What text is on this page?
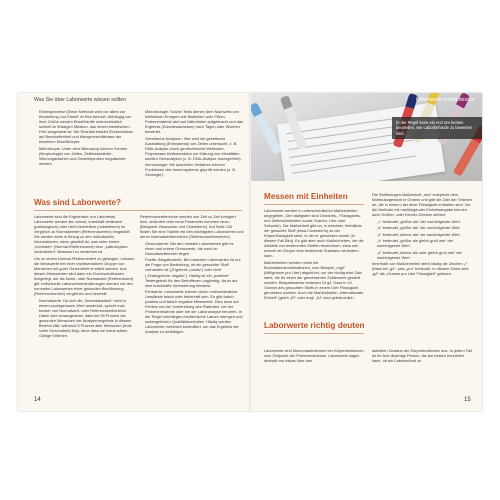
Was Sie über Laborwerte wissen sollten
In der Regel kann ein Arzt am besten beurteilen, wie Laborbefunde zu bewerten sind.
Laborwerte richtig deuten
• Elektrophorese (Diese Methode wird vor allem zur Beurteilung von Eiweiß im Blut benutzt. Abhängig von ihrer Größe werden Eiweißstoffe unterschiedlich schnell im flüssigen Medium, das einem elektrischen Feld ausgesetzt ist. Die Resultat erlaubt Rückschlüsse auf Beschaffenheit und Mengenverhältnisse der einzelnen Eiweißkörper.
• Mikroskopie: Unter dem Mikroskop können Formen (Morphologie) von Zellen, Zellbestandteile, Mikroorganismen und Gewebeproben begutachtet werden.
• Mikrobiologie: Solche Tests dienen dem Nachweis von infektiösen Erregern wie Bakterien oder Pilzen. Probenmaterial wird auf Nährböden aufgebracht und das Ergebnis (Koloniewachstum) nach Tagen oder Wochen bewertet.
• Genetische Analysen: Hier wird die genetische Ausstattung (Erbmaterial) von Zellen untersucht, z. B. DNA-Analyse durch gentechnische Methoden, Polymerase-Kettenreaktion zur Klärung von Identitäten werden Genanalysen (z. B. DNA-Analyse durchgeführt).
• Immunologie: Mit speziellen Verfahren können Funktionen des Immunsystems geprüft werden (z. B. Serologie).
Was sind Laborwerte?

Laborwerte sind die Ergebnisse von Labortests. Laborwerte werden als normal, krankhaft verändert (pathologisch) oder nicht beurteilbar (unbestimmt) im Vergleich zu Normalwerten (Referenzwerten) eingestuft. Sie werden stets in Bezug zu den individuellen Informationen, wenn gewählt ist, was unter einem „normalen“ (Normal-/Referenzwert) bzw. „pathologisch veränderten“ Messwert zu verstehen ist.

Um zu einem Normal-/Referenzwert zu gelangen, müssen die Messwerte bei einer repräsentativen Gruppe von Menschen mit guter Gesundheit ermittelt werden. Aus diesen Messwerten wird dann ein Durchschnittswert festgelegt, der als Norm- oder Normalwert (Referenzwert) gilt. Individuelle Laborwertveränderungen werden mit den normalen Laborwerten einer gesunden Bevölkerung (Referenzbereich) verglichen und beurteilt.

• Normalwerte: Da sich die „Normalabstand“ nicht in einem punktgenauen Wert ausdrückt, spricht man besser von Normalwert- oder Referenzwertbereich. Dabei wird vorausgesetzt, dass bei 95 Prozent der gesunden Menschen der Analysenergebnis in diesem Bereich fällt, während 5 Prozent aller Menschen (trotz voller Gesundheit) liegt, ohne dass sie krank wären. Gültige Kriterien.

Referenzwertbereiche werden von Zeit zu Zeit korrigiert bzw. verändert oder neue Parameter kommen hinzu (Beispiele: Blutzucker und Cholesterin). Auf Seite 126 finden Sie eine Tabelle mit den wichtigsten Laborwerten und deren Normalwertbereichen (Referenzwertbereiche).

• Gesundwerte: Bei den meisten Laborwerten gibt es einen und untere Grenzwerte, die noch im Normalwertbereich liegen.
• Positiv-/Negativwerte: Bei manchen Laborwerten ist nur die Frage von Bedeutung, ob ein gesuchter Stoff vorhanden ist („Ergebnis: positiv“) oder nicht („Testergebnis: negativ“). Häufig ist ein „positiver“ Testergebnis für den Betroffenen ungünstig, da es auf eine krankhafte Veränderung hinweist.
• Fehlwerte: Laborwerte können durch unterschiedliche Umstände falsch oder fehlerhaft sein. Es gibt falsch positive und falsch negative Messwerte. Dies kann auf Fehlern bei der Vorbereitung des Patienten, bei der Probenentnahme oder bei der Laboranalyse beruhen. In der Regel unterliegen medizinische Labors strengen und umfangreichen Qualitätskontrollen. Häufig werden Laborwerte mehrfach kontrolliert, um das Ergebnis der Analyse zu bestätigen.
Messen mit Einheiten

Laborwerte werden in unterschiedlichen Maßeinheiten angegeben. Die häufigsten sind Gewichts-, Flüssigkeits- und Zeitmaßeinheiten sowie Gramm, Liter oder Sekunde). Die Maßeinheit gibt an, in welchem Verhältnis der gesuchte Stoff (etwa Cholesterin) zu der Körperflüssigkeit steht, in der er gemessen wurde (in diesem Fall Blut). Es gibt aber auch Maßeinheiten, die die Aktivität von bestimmten Stoffen bezeichnen, etwa wie schnell ein Enzym eine bestimmte Substanz verändern kann.

Maßeinheiten werden meist mit Buchstabenkombinationen, zum Beispiel „mg/l“ (Milligramm pro Liter) abgekürzt, vor der häufig eine Zahl steht, die für einen der gemessenen Zahlenwert gestellt werden. Beispielsweise bedeutet 10 g/l, Dass in 10 Gramm des gesuchten Stoffs in einem Liter Flüssigkeit gemessen wurden. Auch die Maßeinheiten „internationale Einheit“ (geich „IE“ oder engl. „IU“ sind gebräuchlich.

Die Stoffmengen-Maßeinheit „mol“ entspricht dem Molekulargewicht in Gramm und gibt die Zahl der Teilchen an, die in einem Liter einer Flüssigkeit enthalten sind. Vor die Maßzahl mit nachfolgender Einheitsangabe können auch Größer- oder Kleiner-Zeichen stehen:

• „>“ bedeutet „größer als“ der nachfolgende Wert.
• „≥“ bedeutet „größer als“ der nachfolgende Wert.
• „≤“ bedeutet „kleiner als“ der nachfolgende Wert.
• „≥“ bedeutet „größer als gleich groß wie“ der nachfolgende Wert.
• „≤“ bedeutet „kleiner als oder gleich groß wie“ der nachfolgende Wert.

Innerhalb von Maßeinheiten steht häufig die Zeichen „/“ (etwa bei „g/l“, was „pro“ bedeutet. In diesem Sinne wird „g/l“ als „Gramm pro Liter Flüssigkeit“ gelesen.

Laborwerte richtig deuten

Laborwerte sind Momentaufnahmen der Körperfunktionen zum Zeitpunkt der Probenentnahme. Laborwerte sagen deshalb nur etwas über den

aktuellen Zustand der Körperfunktionen aus. In jedem Fall ist Ihr Arzt diejenige Person, die am besten beurteilen kann, ob ein Laborbefund zu

14	15
